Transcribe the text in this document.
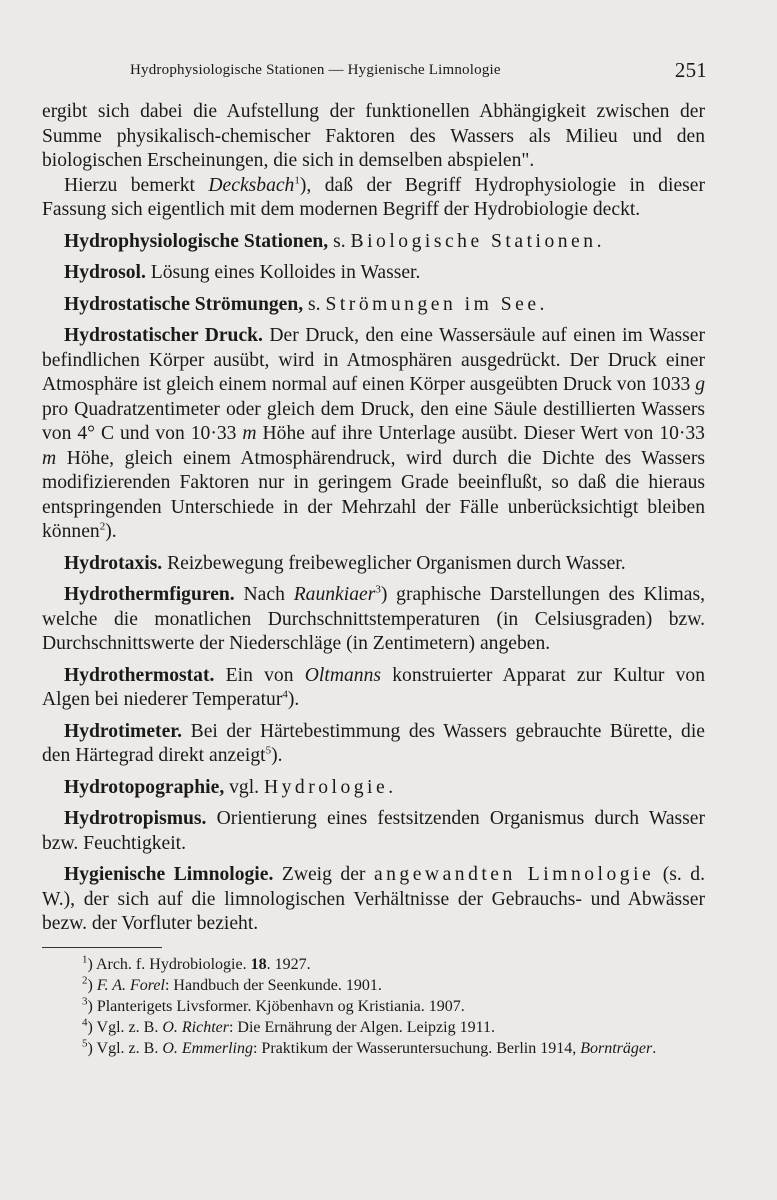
Hydrophysiologische Stationen — Hygienische Limnologie	251

ergibt sich dabei die Aufstellung der funktionellen Abhängigkeit zwischen der Summe physikalisch-chemischer Faktoren des Wassers als Milieu und den biologischen Erscheinungen, die sich in demselben abspielen".

Hierzu bemerkt Decksbach$^1$), daß der Begriff Hydrophysiologie in dieser Fassung sich eigentlich mit dem modernen Begriff der Hydrobiologie deckt.

Hydrophysiologische Stationen, s. Biologische Stationen.

Hydrosol. Lösung eines Kolloides in Wasser.

Hydrostatische Strömungen, s. Strömungen im See.

Hydrostatischer Druck. Der Druck, den eine Wassersäule auf einen im Wasser befindlichen Körper ausübt, wird in Atmosphären ausgedrückt. Der Druck einer Atmosphäre ist gleich einem normal auf einen Körper ausgeübten Druck von 1033 g pro Quadratzentimeter oder gleich dem Druck, den eine Säule destillierten Wassers von 4° C und von 10·33 m Höhe auf ihre Unterlage ausübt. Dieser Wert von 10·33 m Höhe, gleich einem Atmosphärendruck, wird durch die Dichte des Wassers modifizierenden Faktoren nur in geringem Grade beeinflußt, so daß die hieraus entspringenden Unterschiede in der Mehrzahl der Fälle unberücksichtigt bleiben können$^2$).

Hydrotaxis. Reizbewegung freibeweglicher Organismen durch Wasser.

Hydrothermfiguren. Nach Raunkiaer$^3$) graphische Darstellungen des Klimas, welche die monatlichen Durchschnittstemperaturen (in Celsiusgraden) bzw. Durchschnittswerte der Niederschläge (in Zentimetern) angeben.

Hydrothermostat. Ein von Oltmanns konstruierter Apparat zur Kultur von Algen bei niederer Temperatur$^4$).

Hydrotimeter. Bei der Härtebestimmung des Wassers gebrauchte Bürette, die den Härtegrad direkt anzeigt$^5$).

Hydrotopographie, vgl. Hydrologie.

Hydrotropismus. Orientierung eines festsitzenden Organismus durch Wasser bzw. Feuchtigkeit.

Hygienische Limnologie. Zweig der angewandten Limnologie (s. d. W.), der sich auf die limnologischen Verhältnisse der Gebrauchs- und Abwässer bezw. der Vorfluter bezieht.

$^1$) Arch. f. Hydrobiologie. 18. 1927.

$^2$) F. A. Forel: Handbuch der Seenkunde. 1901.

$^3$) Planterigets Livsformer. Kjöbenhavn og Kristiania. 1907.

$^4$) Vgl. z. B. O. Richter: Die Ernährung der Algen. Leipzig 1911.

$^5$) Vgl. z. B. O. Emmerling: Praktikum der Wasseruntersuchung. Berlin 1914, Bornträger.
